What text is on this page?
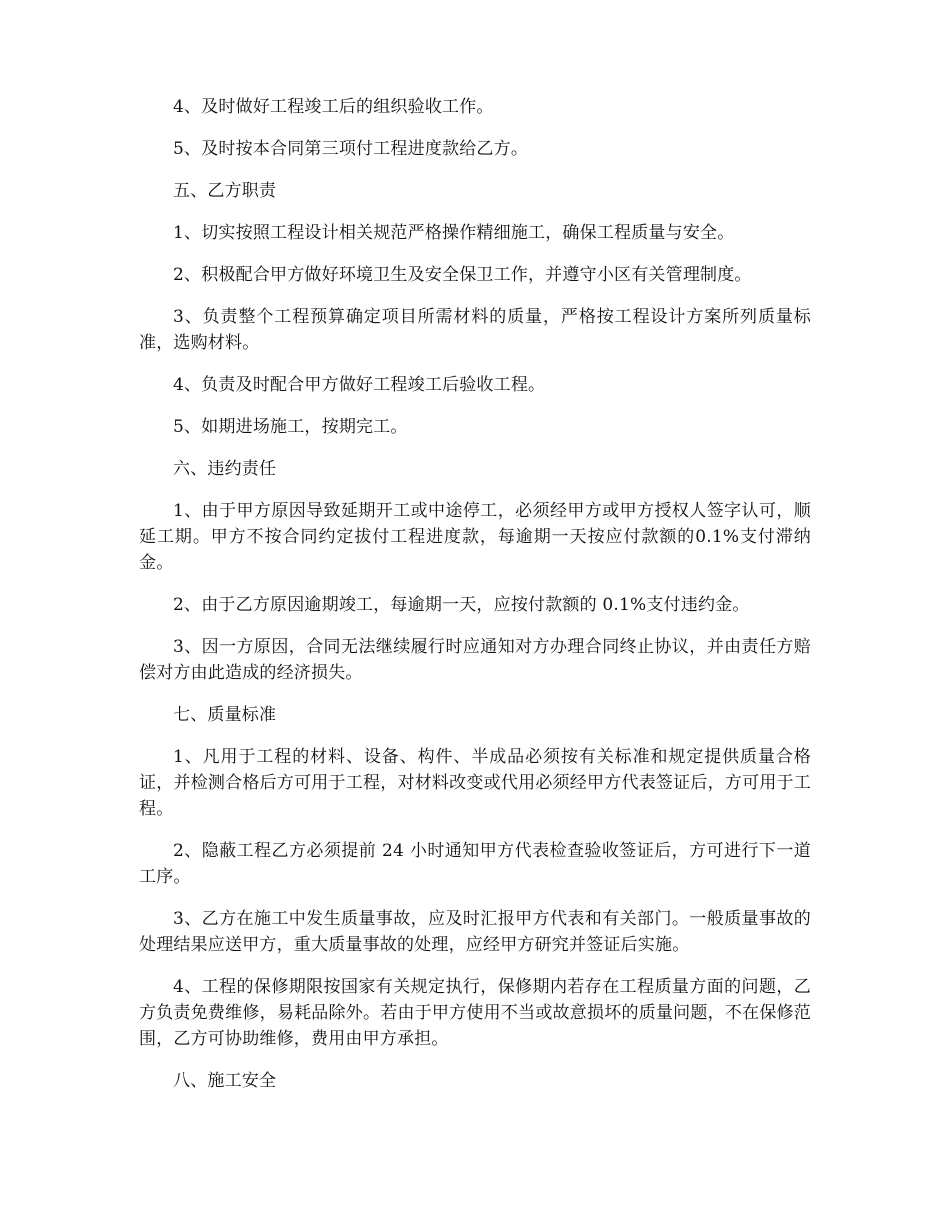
4、及时做好工程竣工后的组织验收工作。

5、及时按本合同第三项付工程进度款给乙方。

五、乙方职责

1、切实按照工程设计相关规范严格操作精细施工，确保工程质量与安全。

2、积极配合甲方做好环境卫生及安全保卫工作，并遵守小区有关管理制度。

3、负责整个工程预算确定项目所需材料的质量，严格按工程设计方案所列质量标准，选购材料。

4、负责及时配合甲方做好工程竣工后验收工程。

5、如期进场施工，按期完工。

六、违约责任

1、由于甲方原因导致延期开工或中途停工，必须经甲方或甲方授权人签字认可，顺延工期。甲方不按合同约定拔付工程进度款，每逾期一天按应付款额的0.1%支付滞纳金。

2、由于乙方原因逾期竣工，每逾期一天，应按付款额的 0.1%支付违约金。

3、因一方原因，合同无法继续履行时应通知对方办理合同终止协议，并由责任方赔偿对方由此造成的经济损失。

七、质量标准

1、凡用于工程的材料、设备、构件、半成品必须按有关标准和规定提供质量合格证，并检测合格后方可用于工程，对材料改变或代用必须经甲方代表签证后，方可用于工程。

2、隐蔽工程乙方必须提前 24 小时通知甲方代表检查验收签证后，方可进行下一道工序。

3、乙方在施工中发生质量事故，应及时汇报甲方代表和有关部门。一般质量事故的处理结果应送甲方，重大质量事故的处理，应经甲方研究并签证后实施。

4、工程的保修期限按国家有关规定执行，保修期内若存在工程质量方面的问题，乙方负责免费维修，易耗品除外。若由于甲方使用不当或故意损坏的质量问题，不在保修范围，乙方可协助维修，费用由甲方承担。

八、施工安全
